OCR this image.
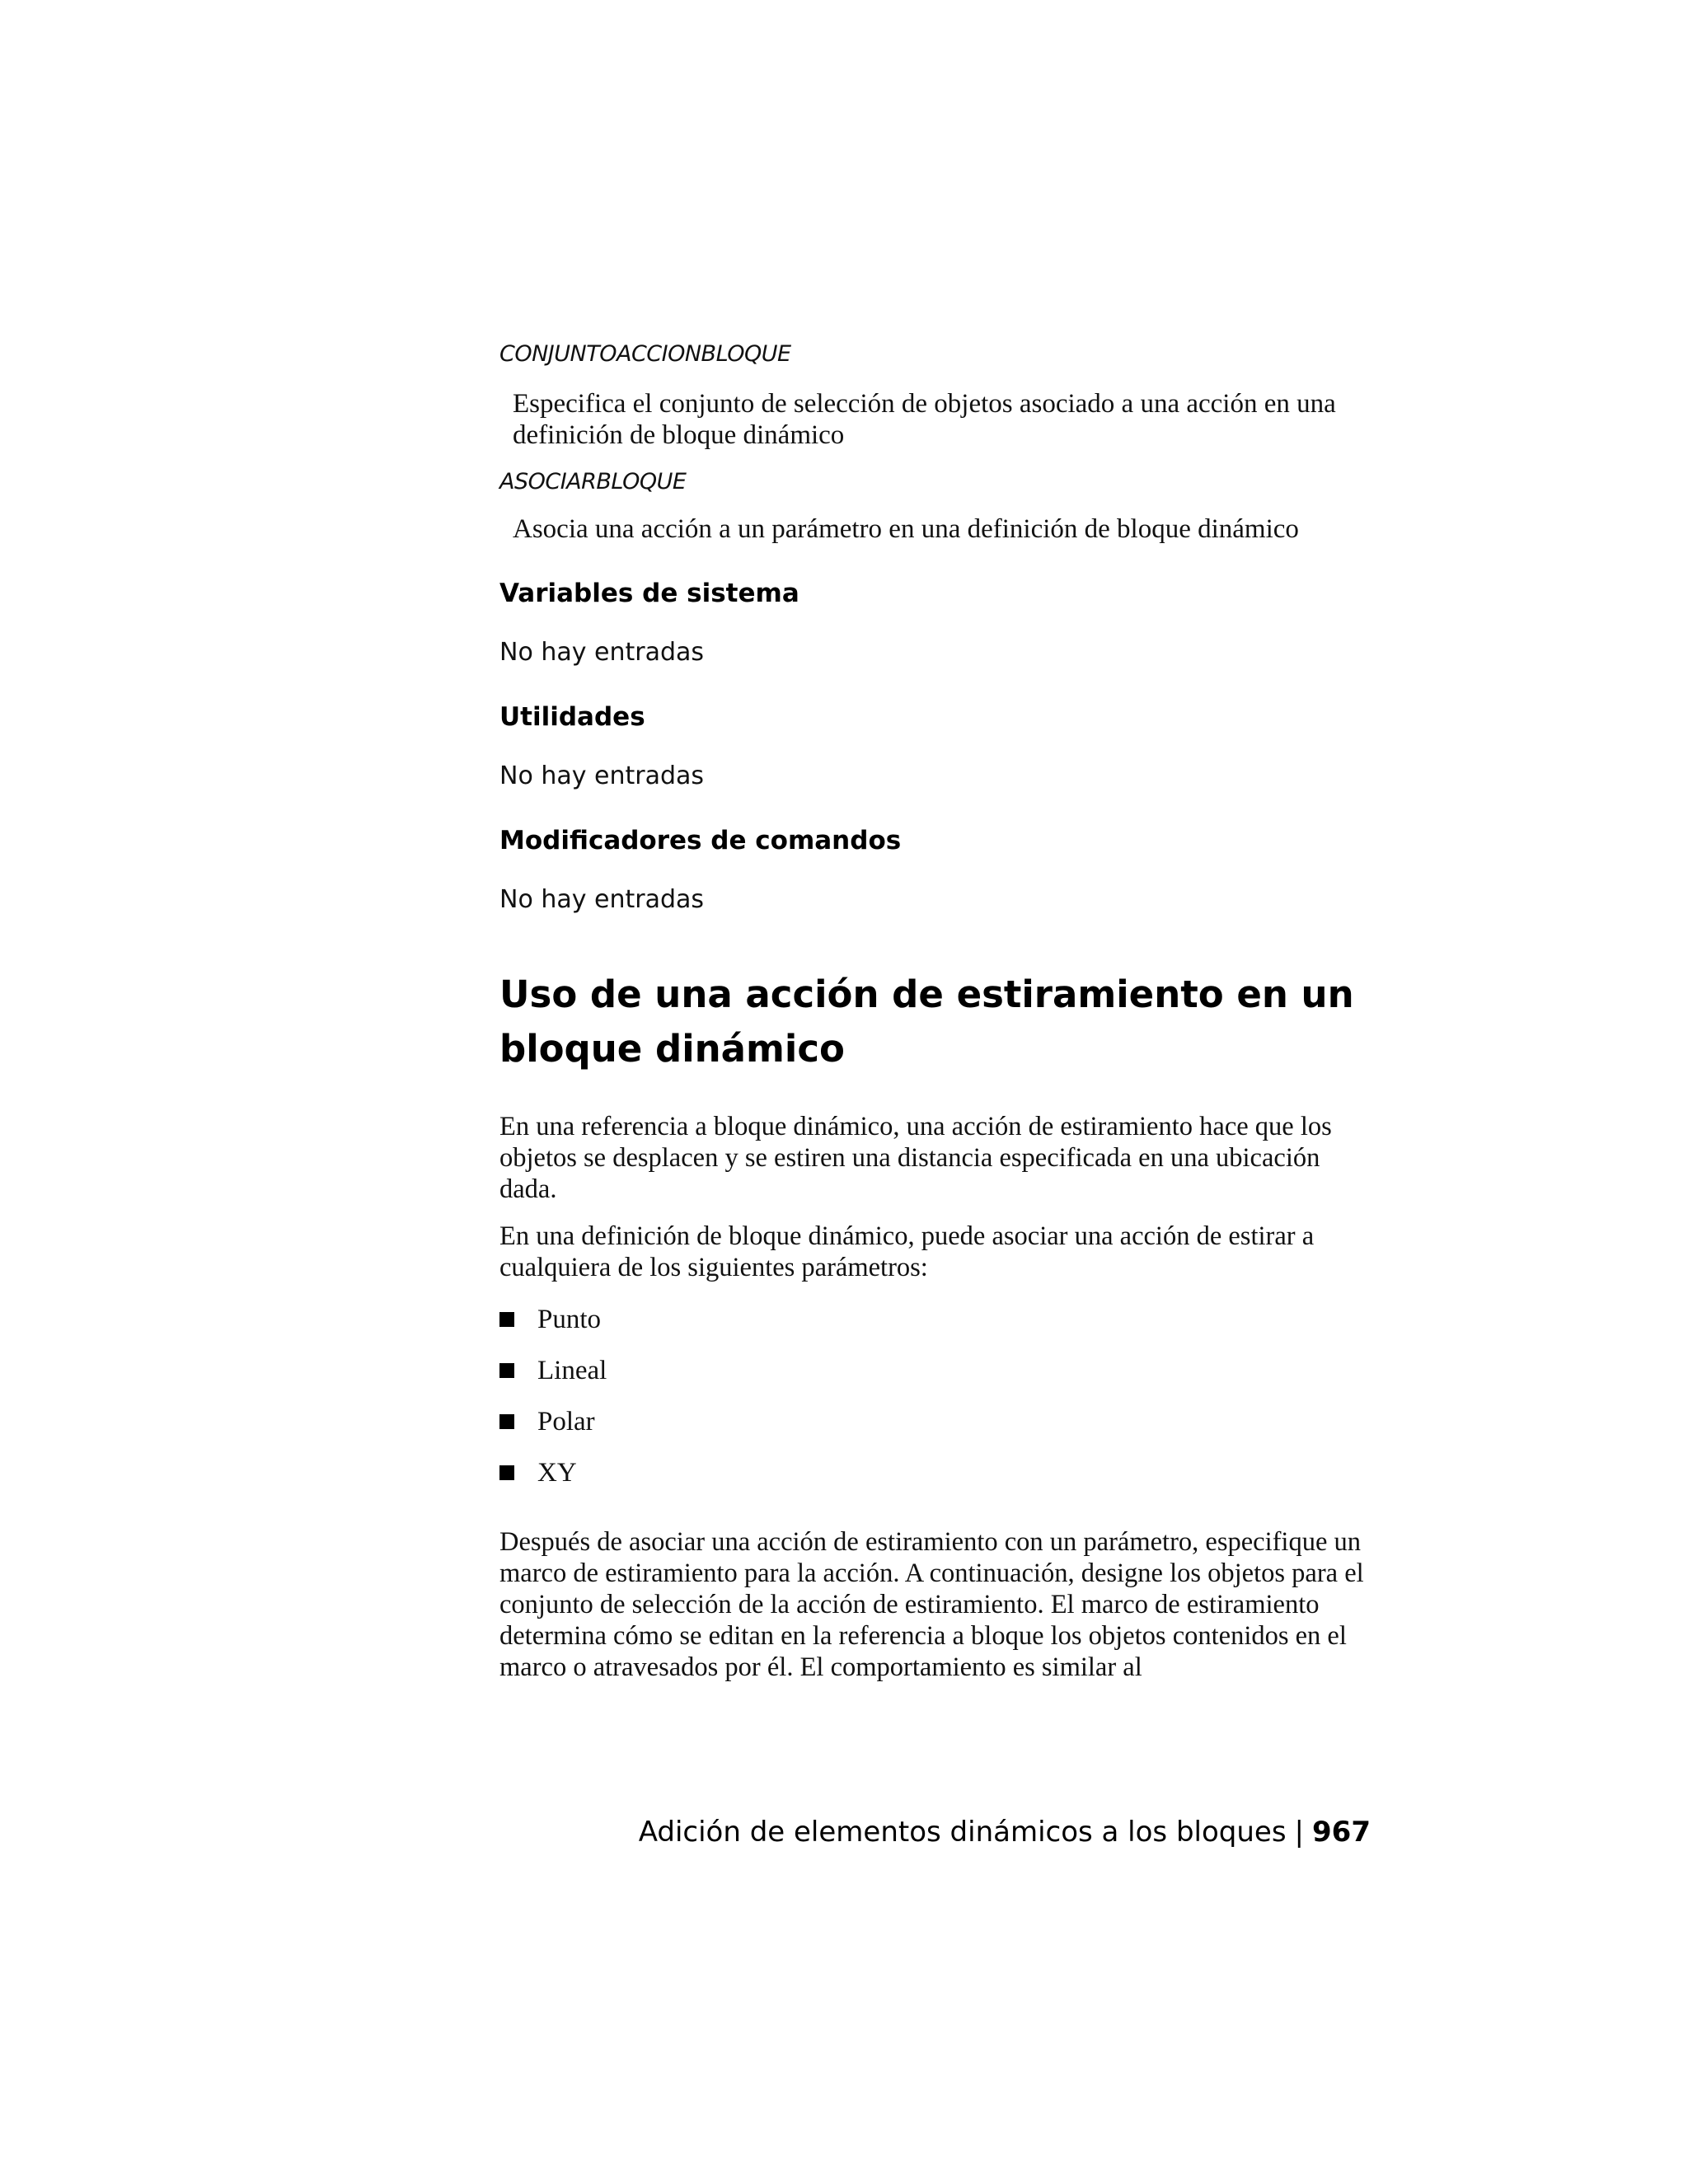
CONJUNTOACCIONBLOQUE

Especifica el conjunto de selección de objetos asociado a una acción en una definición de bloque dinámico

ASOCIARBLOQUE

Asocia una acción a un parámetro en una definición de bloque dinámico

Variables de sistema

No hay entradas

Utilidades

No hay entradas

Modificadores de comandos

No hay entradas

Uso de una acción de estiramiento en un bloque dinámico

En una referencia a bloque dinámico, una acción de estiramiento hace que los objetos se desplacen y se estiren una distancia especificada en una ubicación dada.

En una definición de bloque dinámico, puede asociar una acción de estirar a cualquiera de los siguientes parámetros:

Punto
Lineal
Polar
XY

Después de asociar una acción de estiramiento con un parámetro, especifique un marco de estiramiento para la acción. A continuación, designe los objetos para el conjunto de selección de la acción de estiramiento. El marco de estiramiento determina cómo se editan en la referencia a bloque los objetos contenidos en el marco o atravesados por él. El comportamiento es similar al

Adición de elementos dinámicos a los bloques | 967
